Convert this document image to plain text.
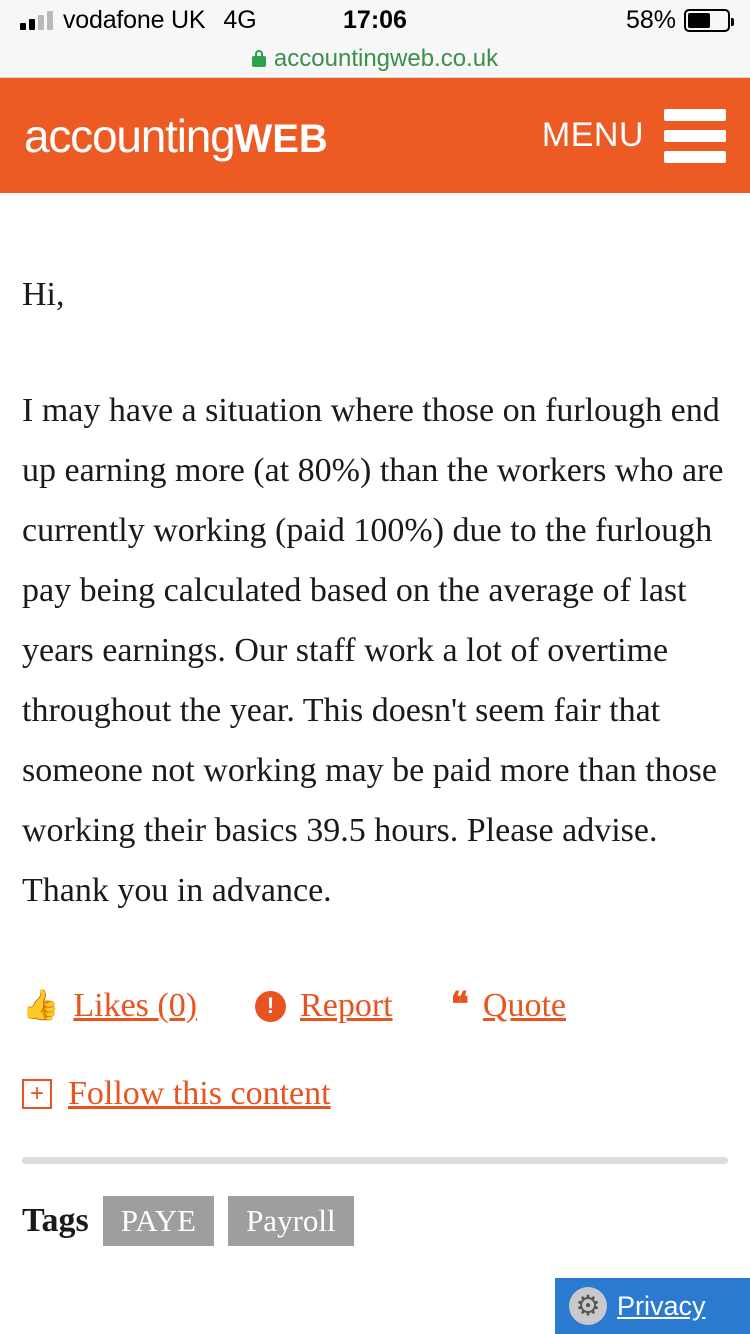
vodafone UK 4G	17:06	58%
accountingweb.co.uk
accountingWEB	MENU

Hi,

I may have a situation where those on furlough end up earning more (at 80%) than the workers who are currently working (paid 100%) due to the furlough pay being calculated based on the average of last years earnings. Our staff work a lot of overtime throughout the year. This doesn't seem fair that someone not working may be paid more than those working their basics 39.5 hours. Please advise. Thank you in advance.

👍 Likes (0)	! Report ❝ Quote
+ Follow this content
Tags	PAYE	Payroll
⚙ Privacy
